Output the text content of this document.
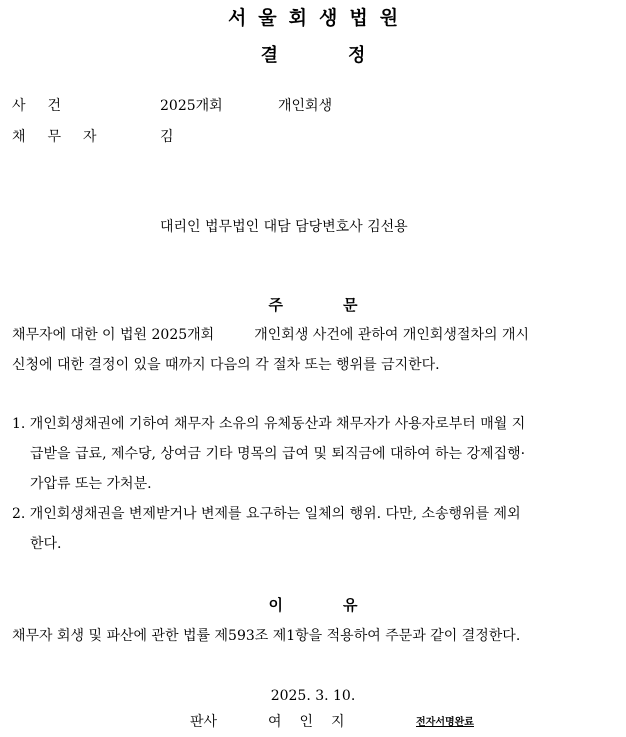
서울회생법원
결정
사건	2025개회	개인회생
채무자	김
대리인 법무법인 대담 담당변호사 김선용
주문
채무자에 대한 이 법원 2025개회         개인회생 사건에 관하여 개인회생절차의 개시
신청에 대한 결정이 있을 때까지 다음의 각 절차 또는 행위를 금지한다.
1. 개인회생채권에 기하여 채무자 소유의 유체동산과 채무자가 사용자로부터 매월 지
급받을 급료, 제수당, 상여금 기타 명목의 급여 및 퇴직금에 대하여 하는 강제집행·
가압류 또는 가처분.
2. 개인회생채권을 변제받거나 변제를 요구하는 일체의 행위. 다만, 소송행위를 제외
한다.
이유
채무자 회생 및 파산에 관한 법률 제593조 제1항을 적용하여 주문과 같이 결정한다.
2025. 3. 10.
판사	여인지	전자서명완료
